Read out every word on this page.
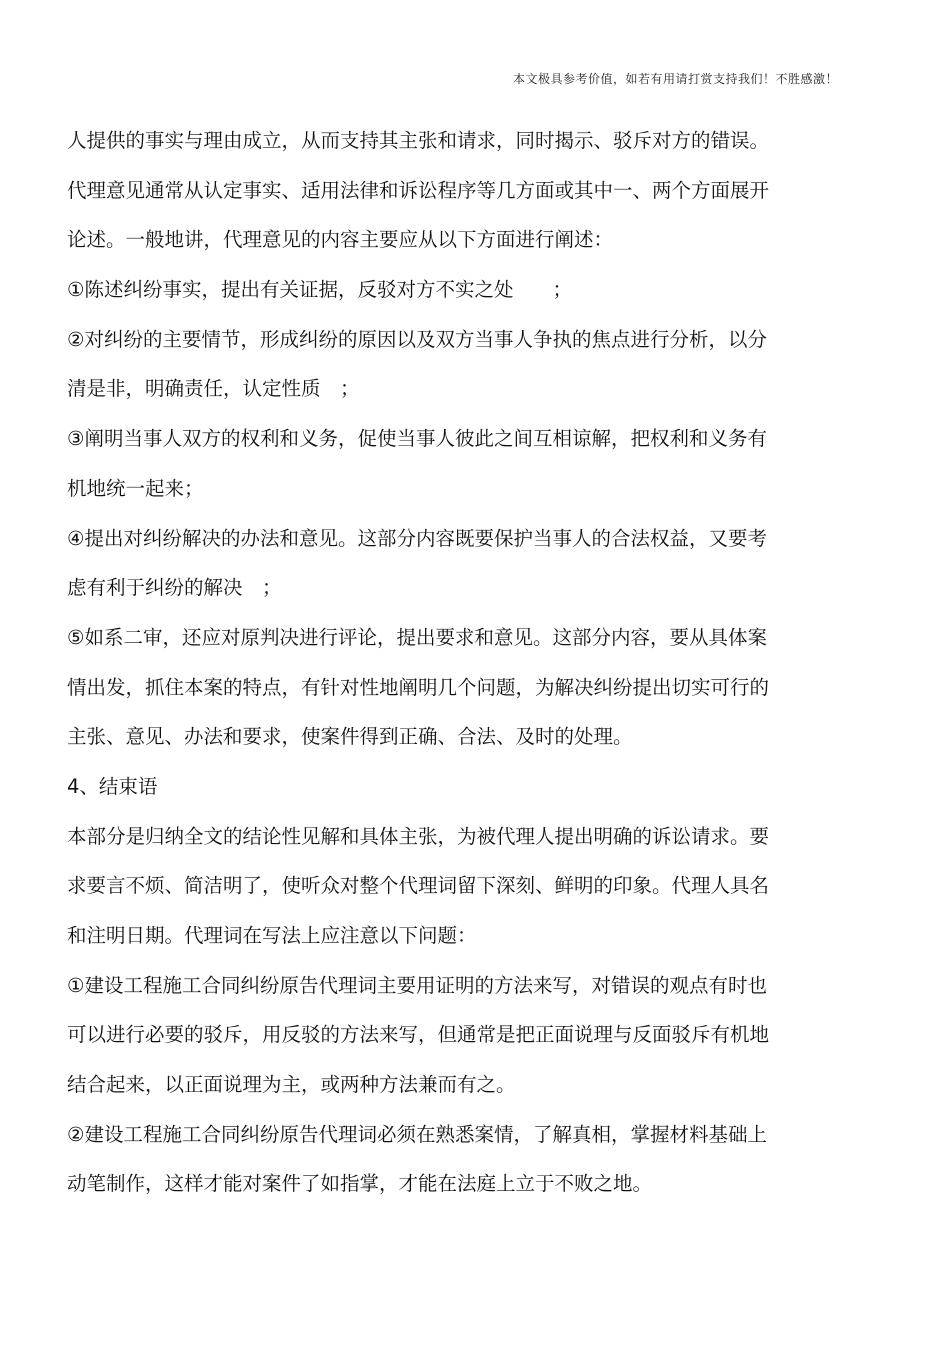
本文极具参考价值，如若有用请打赏支持我们！不胜感激！
人提供的事实与理由成立，从而支持其主张和请求，同时揭示、驳斥对方的错误。
代理意见通常从认定事实、适用法律和诉讼程序等几方面或其中一、两个方面展开
论述。一般地讲，代理意见的内容主要应从以下方面进行阐述：
①陈述纠纷事实，提出有关证据，反驳对方不实之处　　；
②对纠纷的主要情节，形成纠纷的原因以及双方当事人争执的焦点进行分析，以分
清是非，明确责任，认定性质　；
③阐明当事人双方的权利和义务，促使当事人彼此之间互相谅解，把权利和义务有
机地统一起来；
④提出对纠纷解决的办法和意见。这部分内容既要保护当事人的合法权益，又要考
虑有利于纠纷的解决　；
⑤如系二审，还应对原判决进行评论，提出要求和意见。这部分内容，要从具体案
情出发，抓住本案的特点，有针对性地阐明几个问题，为解决纠纷提出切实可行的
主张、意见、办法和要求，使案件得到正确、合法、及时的处理。
4、结束语
本部分是归纳全文的结论性见解和具体主张，为被代理人提出明确的诉讼请求。要
求要言不烦、简洁明了，使听众对整个代理词留下深刻、鲜明的印象。代理人具名
和注明日期。代理词在写法上应注意以下问题：
①建设工程施工合同纠纷原告代理词主要用证明的方法来写，对错误的观点有时也
可以进行必要的驳斥，用反驳的方法来写，但通常是把正面说理与反面驳斥有机地
结合起来，以正面说理为主，或两种方法兼而有之。
②建设工程施工合同纠纷原告代理词必须在熟悉案情，了解真相，掌握材料基础上
动笔制作，这样才能对案件了如指掌，才能在法庭上立于不败之地。
